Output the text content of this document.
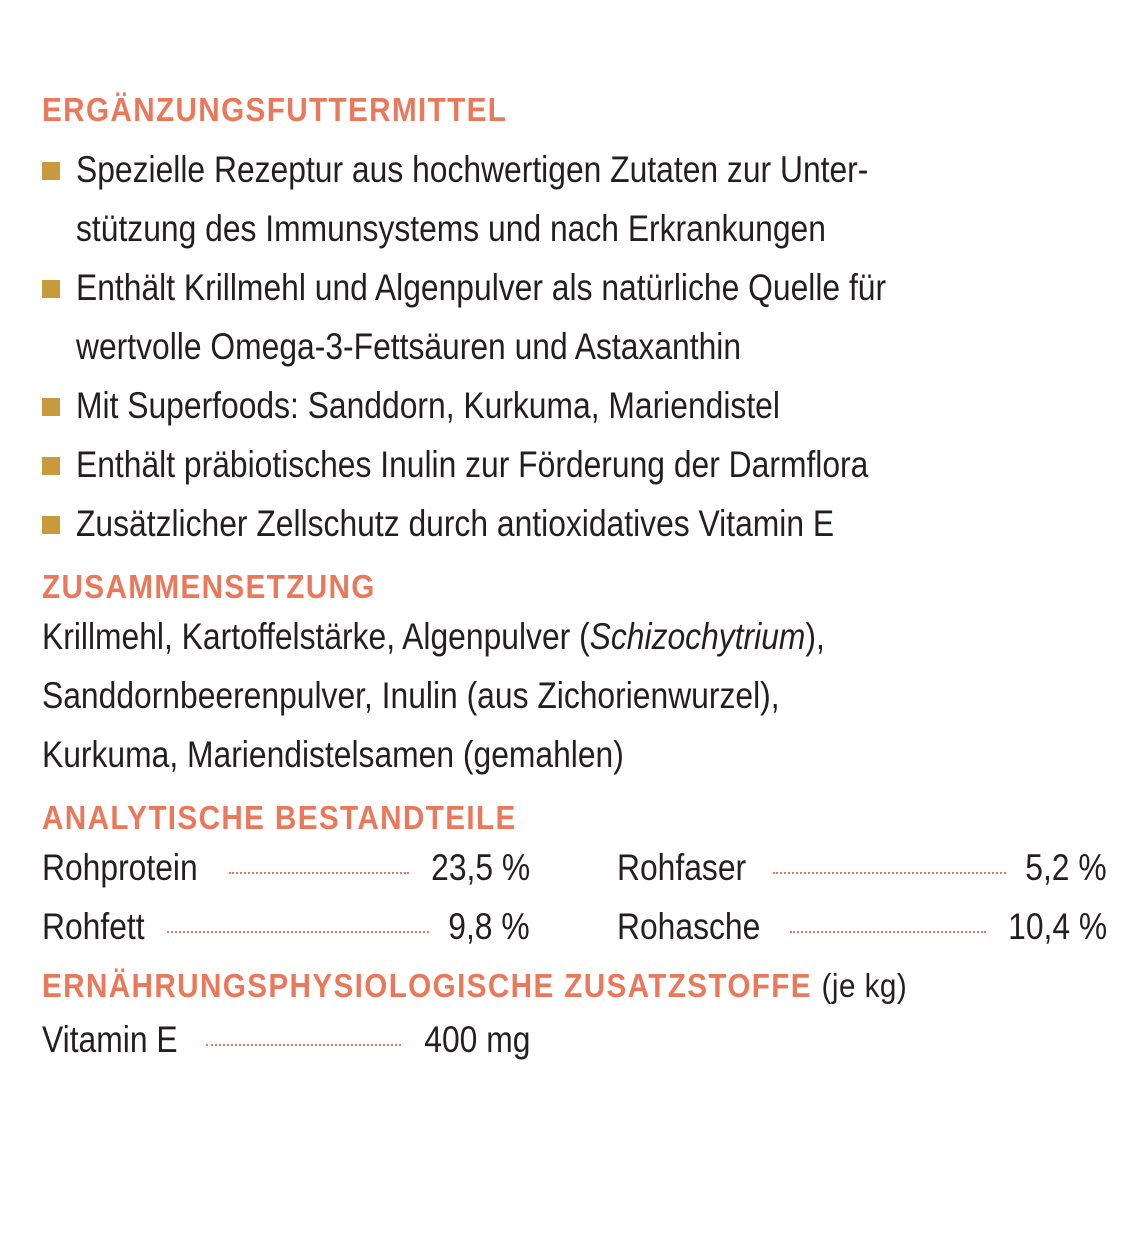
ERGÄNZUNGSFUTTERMITTEL
Spezielle Rezeptur aus hochwertigen Zutaten zur Unter-
stützung des Immunsystems und nach Erkrankungen
Enthält Krillmehl und Algenpulver als natürliche Quelle für
wertvolle Omega-3-Fettsäuren und Astaxanthin
Mit Superfoods: Sanddorn, Kurkuma, Mariendistel
Enthält präbiotisches Inulin zur Förderung der Darmflora
Zusätzlicher Zellschutz durch antioxidatives Vitamin E
ZUSAMMENSETZUNG
Krillmehl, Kartoffelstärke, Algenpulver (Schizochytrium),
Sanddornbeerenpulver, Inulin (aus Zichorienwurzel),
Kurkuma, Mariendistelsamen (gemahlen)
ANALYTISCHE BESTANDTEILE
Rohprotein	23,5 % Rohfaser	5,2 %
Rohfett	9,8 % Rohasche	10,4 %
ERNÄHRUNGSPHYSIOLOGISCHE ZUSATZSTOFFE (je kg)
Vitamin E	400 mg
